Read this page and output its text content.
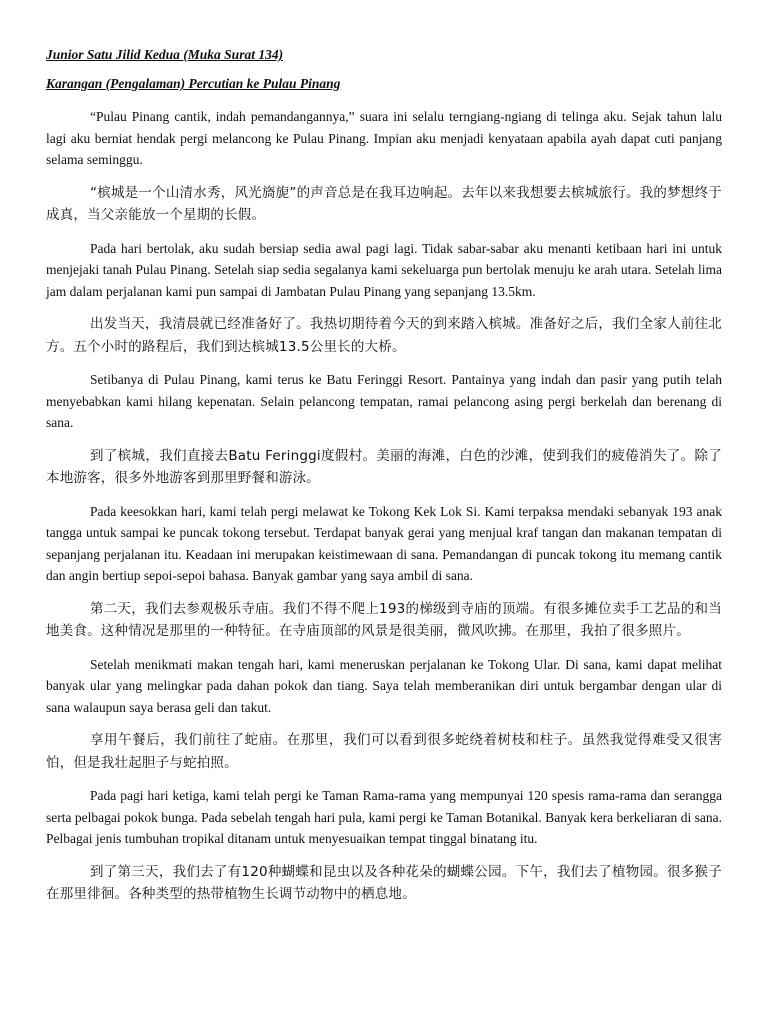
Junior Satu Jilid Kedua (Muka Surat 134)

Karangan (Pengalaman) Percutian ke Pulau Pinang

“Pulau Pinang cantik, indah pemandangannya,” suara ini selalu terngiang-ngiang di telinga aku. Sejak tahun lalu lagi aku berniat hendak pergi melancong ke Pulau Pinang. Impian aku menjadi kenyataan apabila ayah dapat cuti panjang selama seminggu.

“槟城是一个山清水秀，风光旖旎”的声音总是在我耳边响起。去年以来我想要去槟城旅行。我的梦想终于成真，当父亲能放一个星期的长假。

Pada hari bertolak, aku sudah bersiap sedia awal pagi lagi. Tidak sabar-sabar aku menanti ketibaan hari ini untuk menjejaki tanah Pulau Pinang. Setelah siap sedia segalanya kami sekeluarga pun bertolak menuju ke arah utara. Setelah lima jam dalam perjalanan kami pun sampai di Jambatan Pulau Pinang yang sepanjang 13.5km.

出发当天，我清晨就已经准备好了。我热切期待着今天的到来踏入槟城。准备好之后，我们全家人前往北方。五个小时的路程后，我们到达槟城13.5公里长的大桥。

Setibanya di Pulau Pinang, kami terus ke Batu Feringgi Resort. Pantainya yang indah dan pasir yang putih telah menyebabkan kami hilang kepenatan. Selain pelancong tempatan, ramai pelancong asing pergi berkelah dan berenang di sana.

到了槟城，我们直接去Batu Feringgi度假村。美丽的海滩，白色的沙滩，使到我们的疲倦消失了。除了本地游客，很多外地游客到那里野餐和游泳。

Pada keesokkan hari, kami telah pergi melawat ke Tokong Kek Lok Si. Kami terpaksa mendaki sebanyak 193 anak tangga untuk sampai ke puncak tokong tersebut. Terdapat banyak gerai yang menjual kraf tangan dan makanan tempatan di sepanjang perjalanan itu. Keadaan ini merupakan keistimewaan di sana. Pemandangan di puncak tokong itu memang cantik dan angin bertiup sepoi-sepoi bahasa. Banyak gambar yang saya ambil di sana.

第二天，我们去参观极乐寺庙。我们不得不爬上193的梯级到寺庙的顶端。有很多摊位卖手工艺品的和当地美食。这种情况是那里的一种特征。在寺庙顶部的风景是很美丽，微风吹拂。在那里，我拍了很多照片。

Setelah menikmati makan tengah hari, kami meneruskan perjalanan ke Tokong Ular. Di sana, kami dapat melihat banyak ular yang melingkar pada dahan pokok dan tiang. Saya telah memberanikan diri untuk bergambar dengan ular di sana walaupun saya berasa geli dan takut.

享用午餐后，我们前往了蛇庙。在那里，我们可以看到很多蛇绕着树枝和柱子。虽然我觉得难受又很害怕，但是我壮起胆子与蛇拍照。

Pada pagi hari ketiga, kami telah pergi ke Taman Rama-rama yang mempunyai 120 spesis rama-rama dan serangga serta pelbagai pokok bunga. Pada sebelah tengah hari pula, kami pergi ke Taman Botanikal. Banyak kera berkeliaran di sana. Pelbagai jenis tumbuhan tropikal ditanam untuk menyesuaikan tempat tinggal binatang itu.

到了第三天，我们去了有120种蝴蝶和昆虫以及各种花朵的蝴蝶公园。下午，我们去了植物园。很多猴子在那里徘徊。各种类型的热带植物生长调节动物中的栖息地。
